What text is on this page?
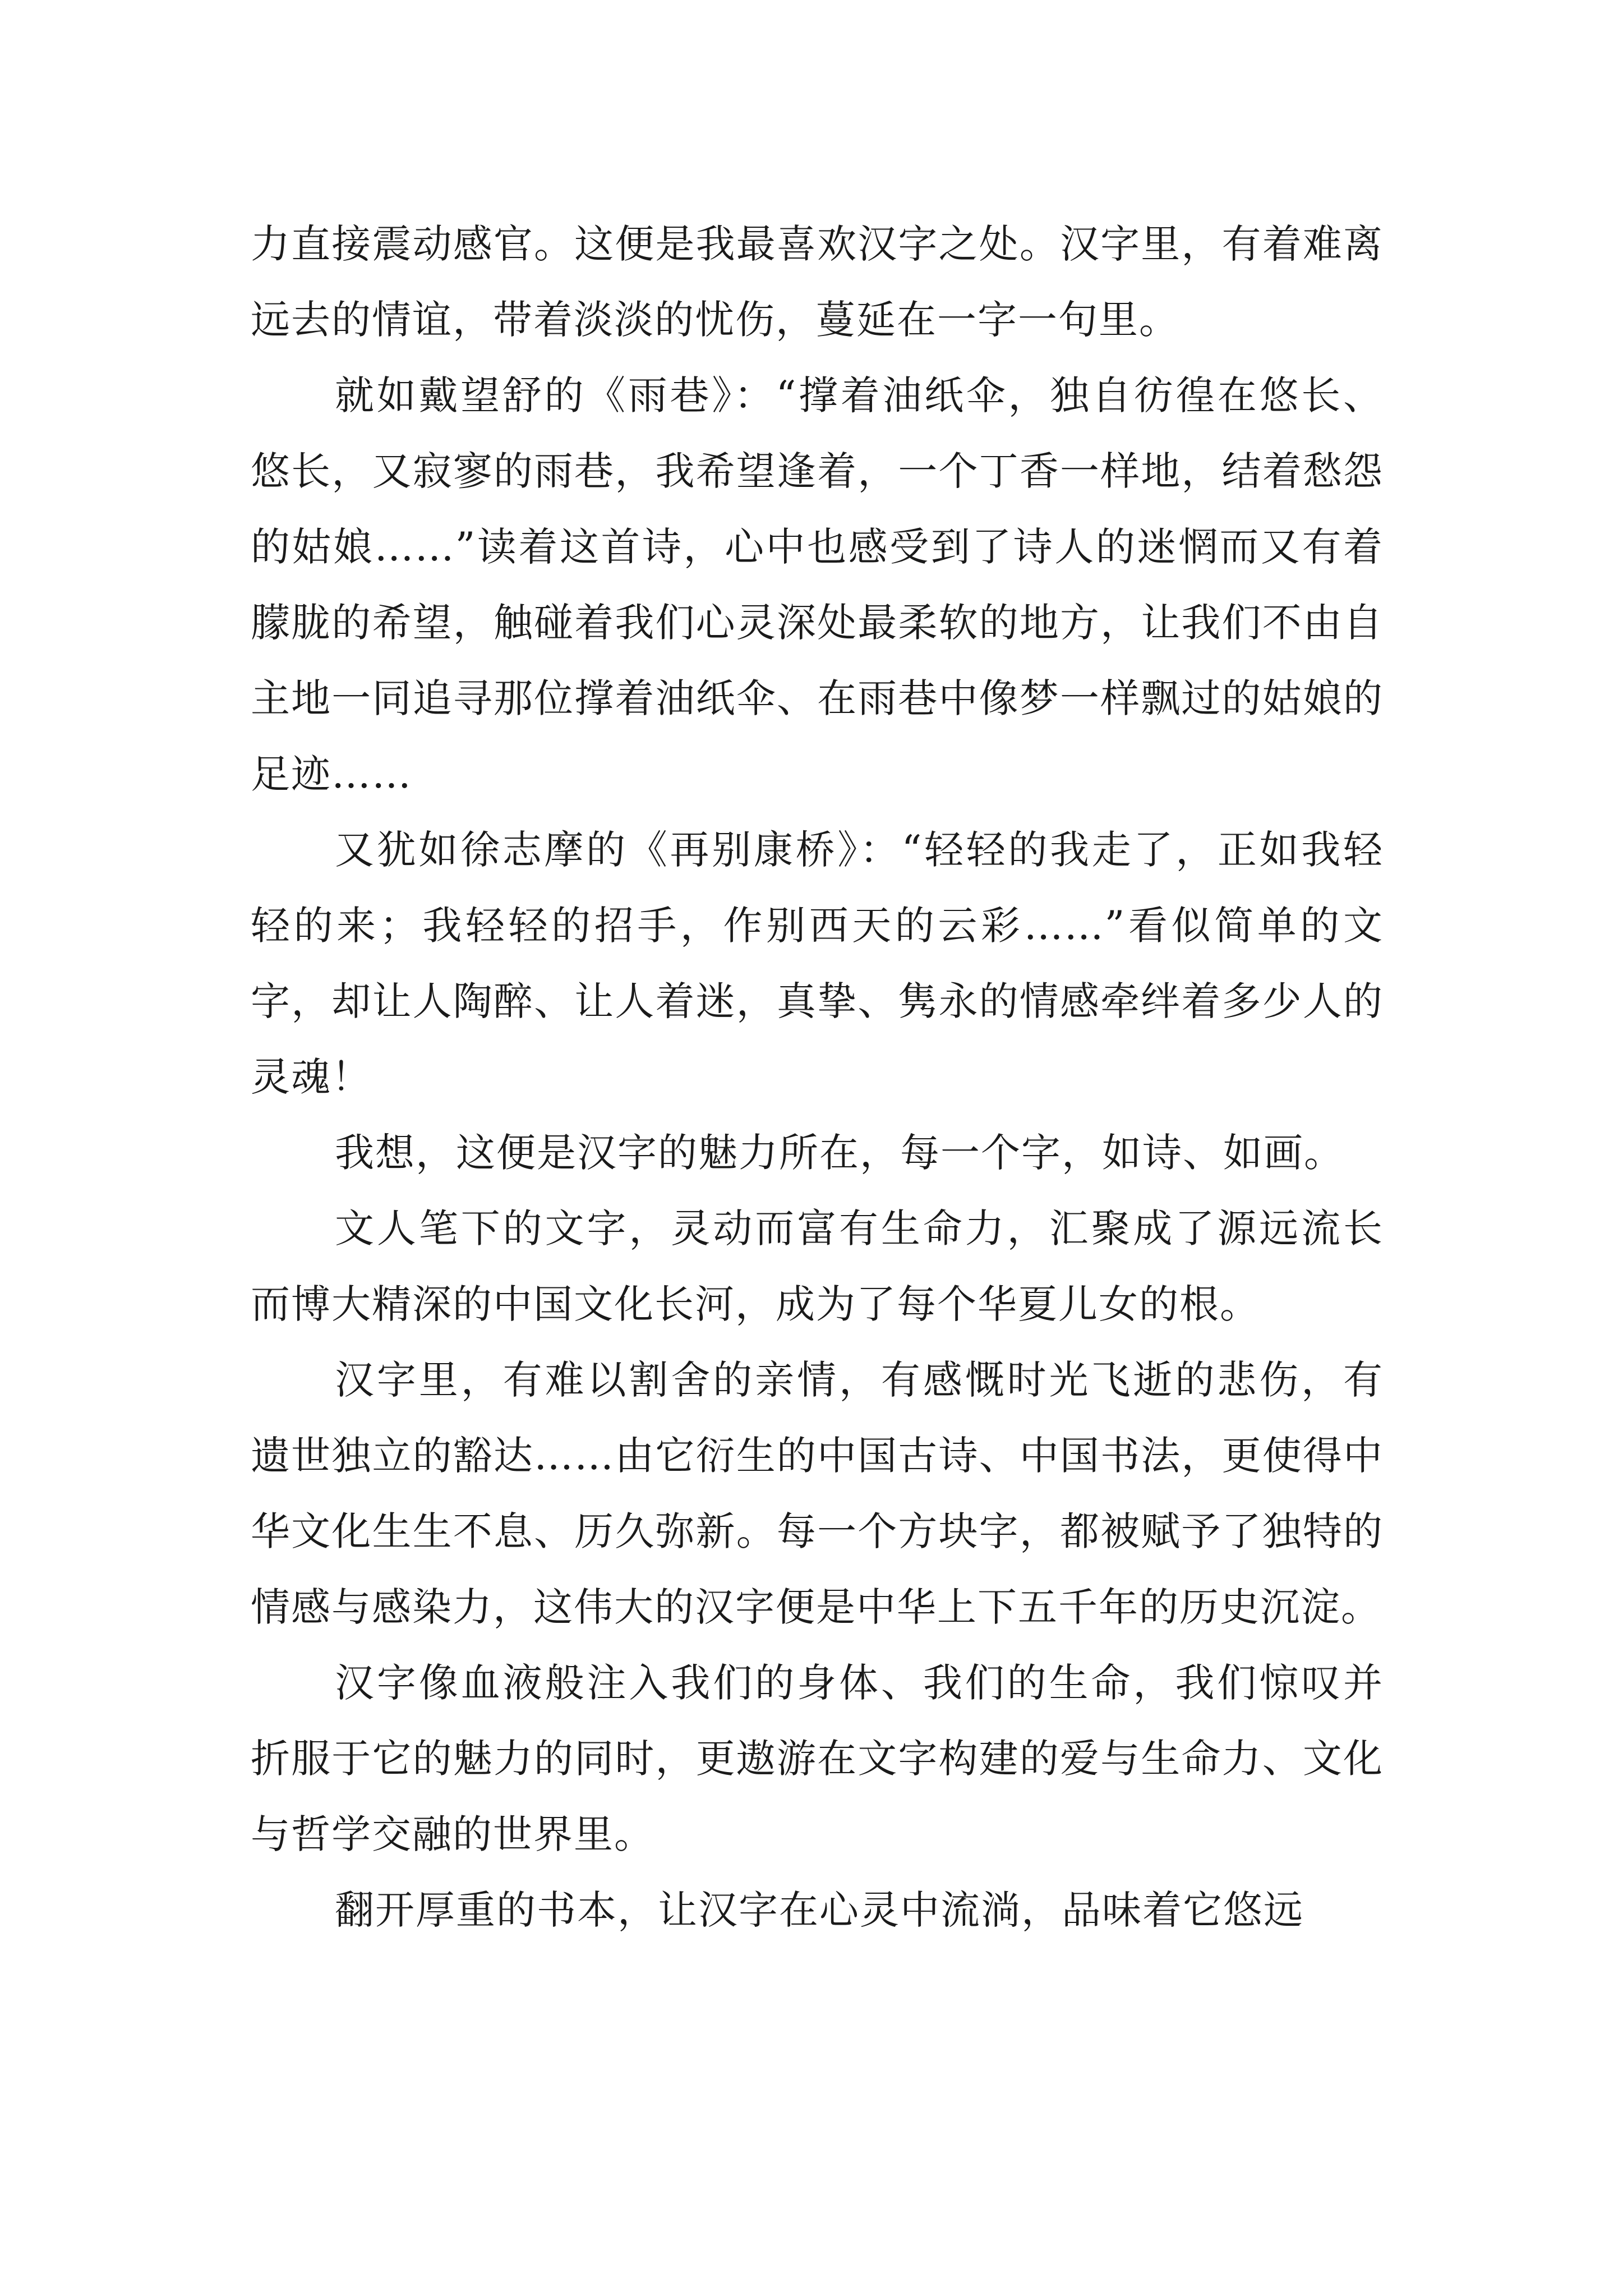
力直接震动感官。这便是我最喜欢汉字之处。汉字里，有着难离远去的情谊，带着淡淡的忧伤，蔓延在一字一句里。

就如戴望舒的《雨巷》：“撑着油纸伞，独自彷徨在悠长、悠长，又寂寥的雨巷，我希望逢着，一个丁香一样地，结着愁怨的姑娘……”读着这首诗，心中也感受到了诗人的迷惘而又有着朦胧的希望，触碰着我们心灵深处最柔软的地方，让我们不由自主地一同追寻那位撑着油纸伞、在雨巷中像梦一样飘过的姑娘的足迹……

又犹如徐志摩的《再别康桥》：“轻轻的我走了，正如我轻轻的来；我轻轻的招手，作别西天的云彩……”看似简单的文字，却让人陶醉、让人着迷，真挚、隽永的情感牵绊着多少人的灵魂！

我想，这便是汉字的魅力所在，每一个字，如诗、如画。

文人笔下的文字，灵动而富有生命力，汇聚成了源远流长而博大精深的中国文化长河，成为了每个华夏儿女的根。

汉字里，有难以割舍的亲情，有感慨时光飞逝的悲伤，有遗世独立的豁达……由它衍生的中国古诗、中国书法，更使得中华文化生生不息、历久弥新。每一个方块字，都被赋予了独特的情感与感染力，这伟大的汉字便是中华上下五千年的历史沉淀。

汉字像血液般注入我们的身体、我们的生命，我们惊叹并折服于它的魅力的同时，更遨游在文字构建的爱与生命力、文化与哲学交融的世界里。

翻开厚重的书本，让汉字在心灵中流淌，品味着它悠远
